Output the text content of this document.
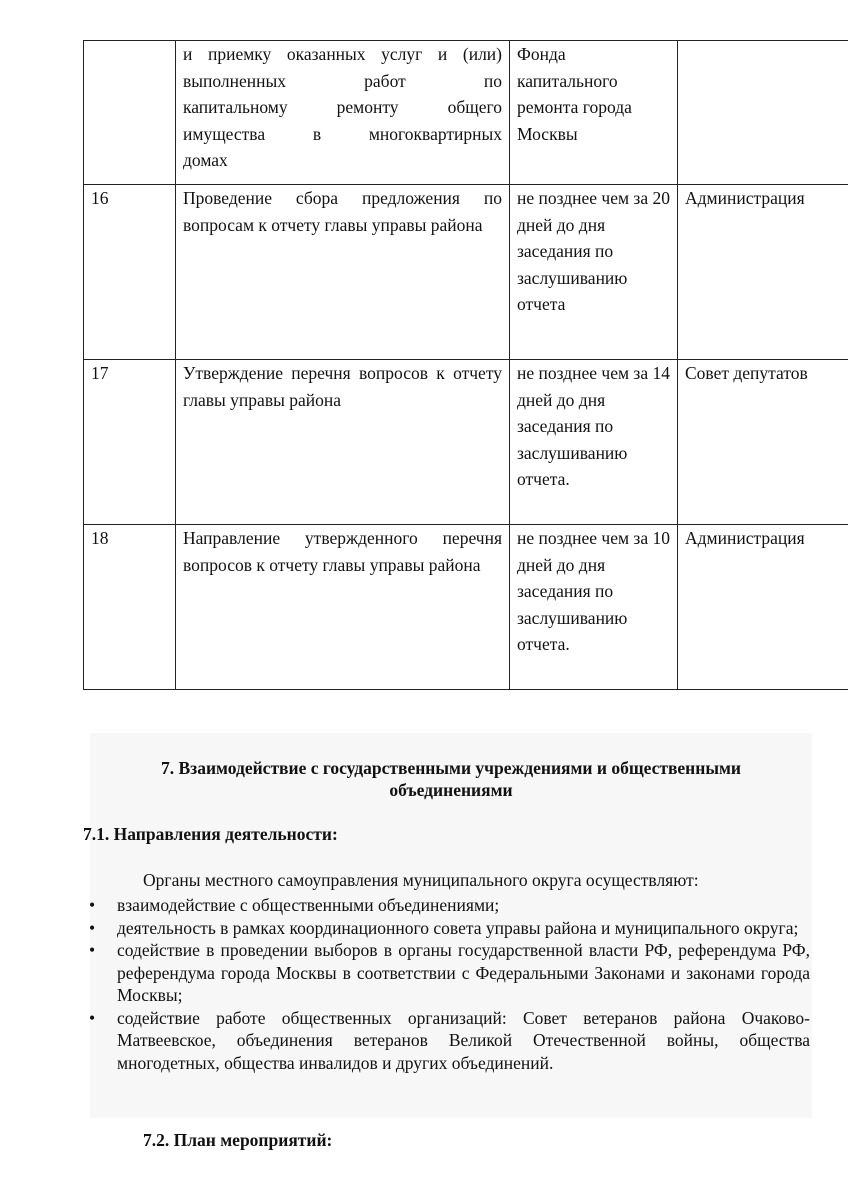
	и приемку оказанных услуг и (или)
выполненных работ по
капитальному ремонту общего
имущества в многоквартирных
домах	Фонда капитального ремонта города Москвы	
16	Проведение сбора предложения по вопросам к отчету главы управы района	не позднее чем за 20 дней до дня заседания по заслушиванию отчета	Администрация
17	Утверждение перечня вопросов к отчету главы управы района	не позднее чем за 14 дней до дня заседания по заслушиванию отчета.	Совет депутатов
18	Направление утвержденного перечня вопросов к отчету главы управы района	не позднее чем за 10 дней до дня заседания по заслушиванию отчета.	Администрация
7. Взаимодействие с государственными учреждениями и общественными
объединениями
7.1. Направления деятельности:
Органы местного самоуправления муниципального округа осуществляют:
• взаимодействие с общественными объединениями;
• деятельность в рамках координационного совета управы района и муниципального округа;
• содействие в проведении выборов в органы государственной власти РФ, референдума РФ, референдума города Москвы в соответствии с Федеральными Законами и законами города Москвы;
• содействие работе общественных организаций: Совет ветеранов района Очаково-Матвеевское, объединения ветеранов Великой Отечественной войны, общества многодетных, общества инвалидов и других объединений.
7.2. План мероприятий:
